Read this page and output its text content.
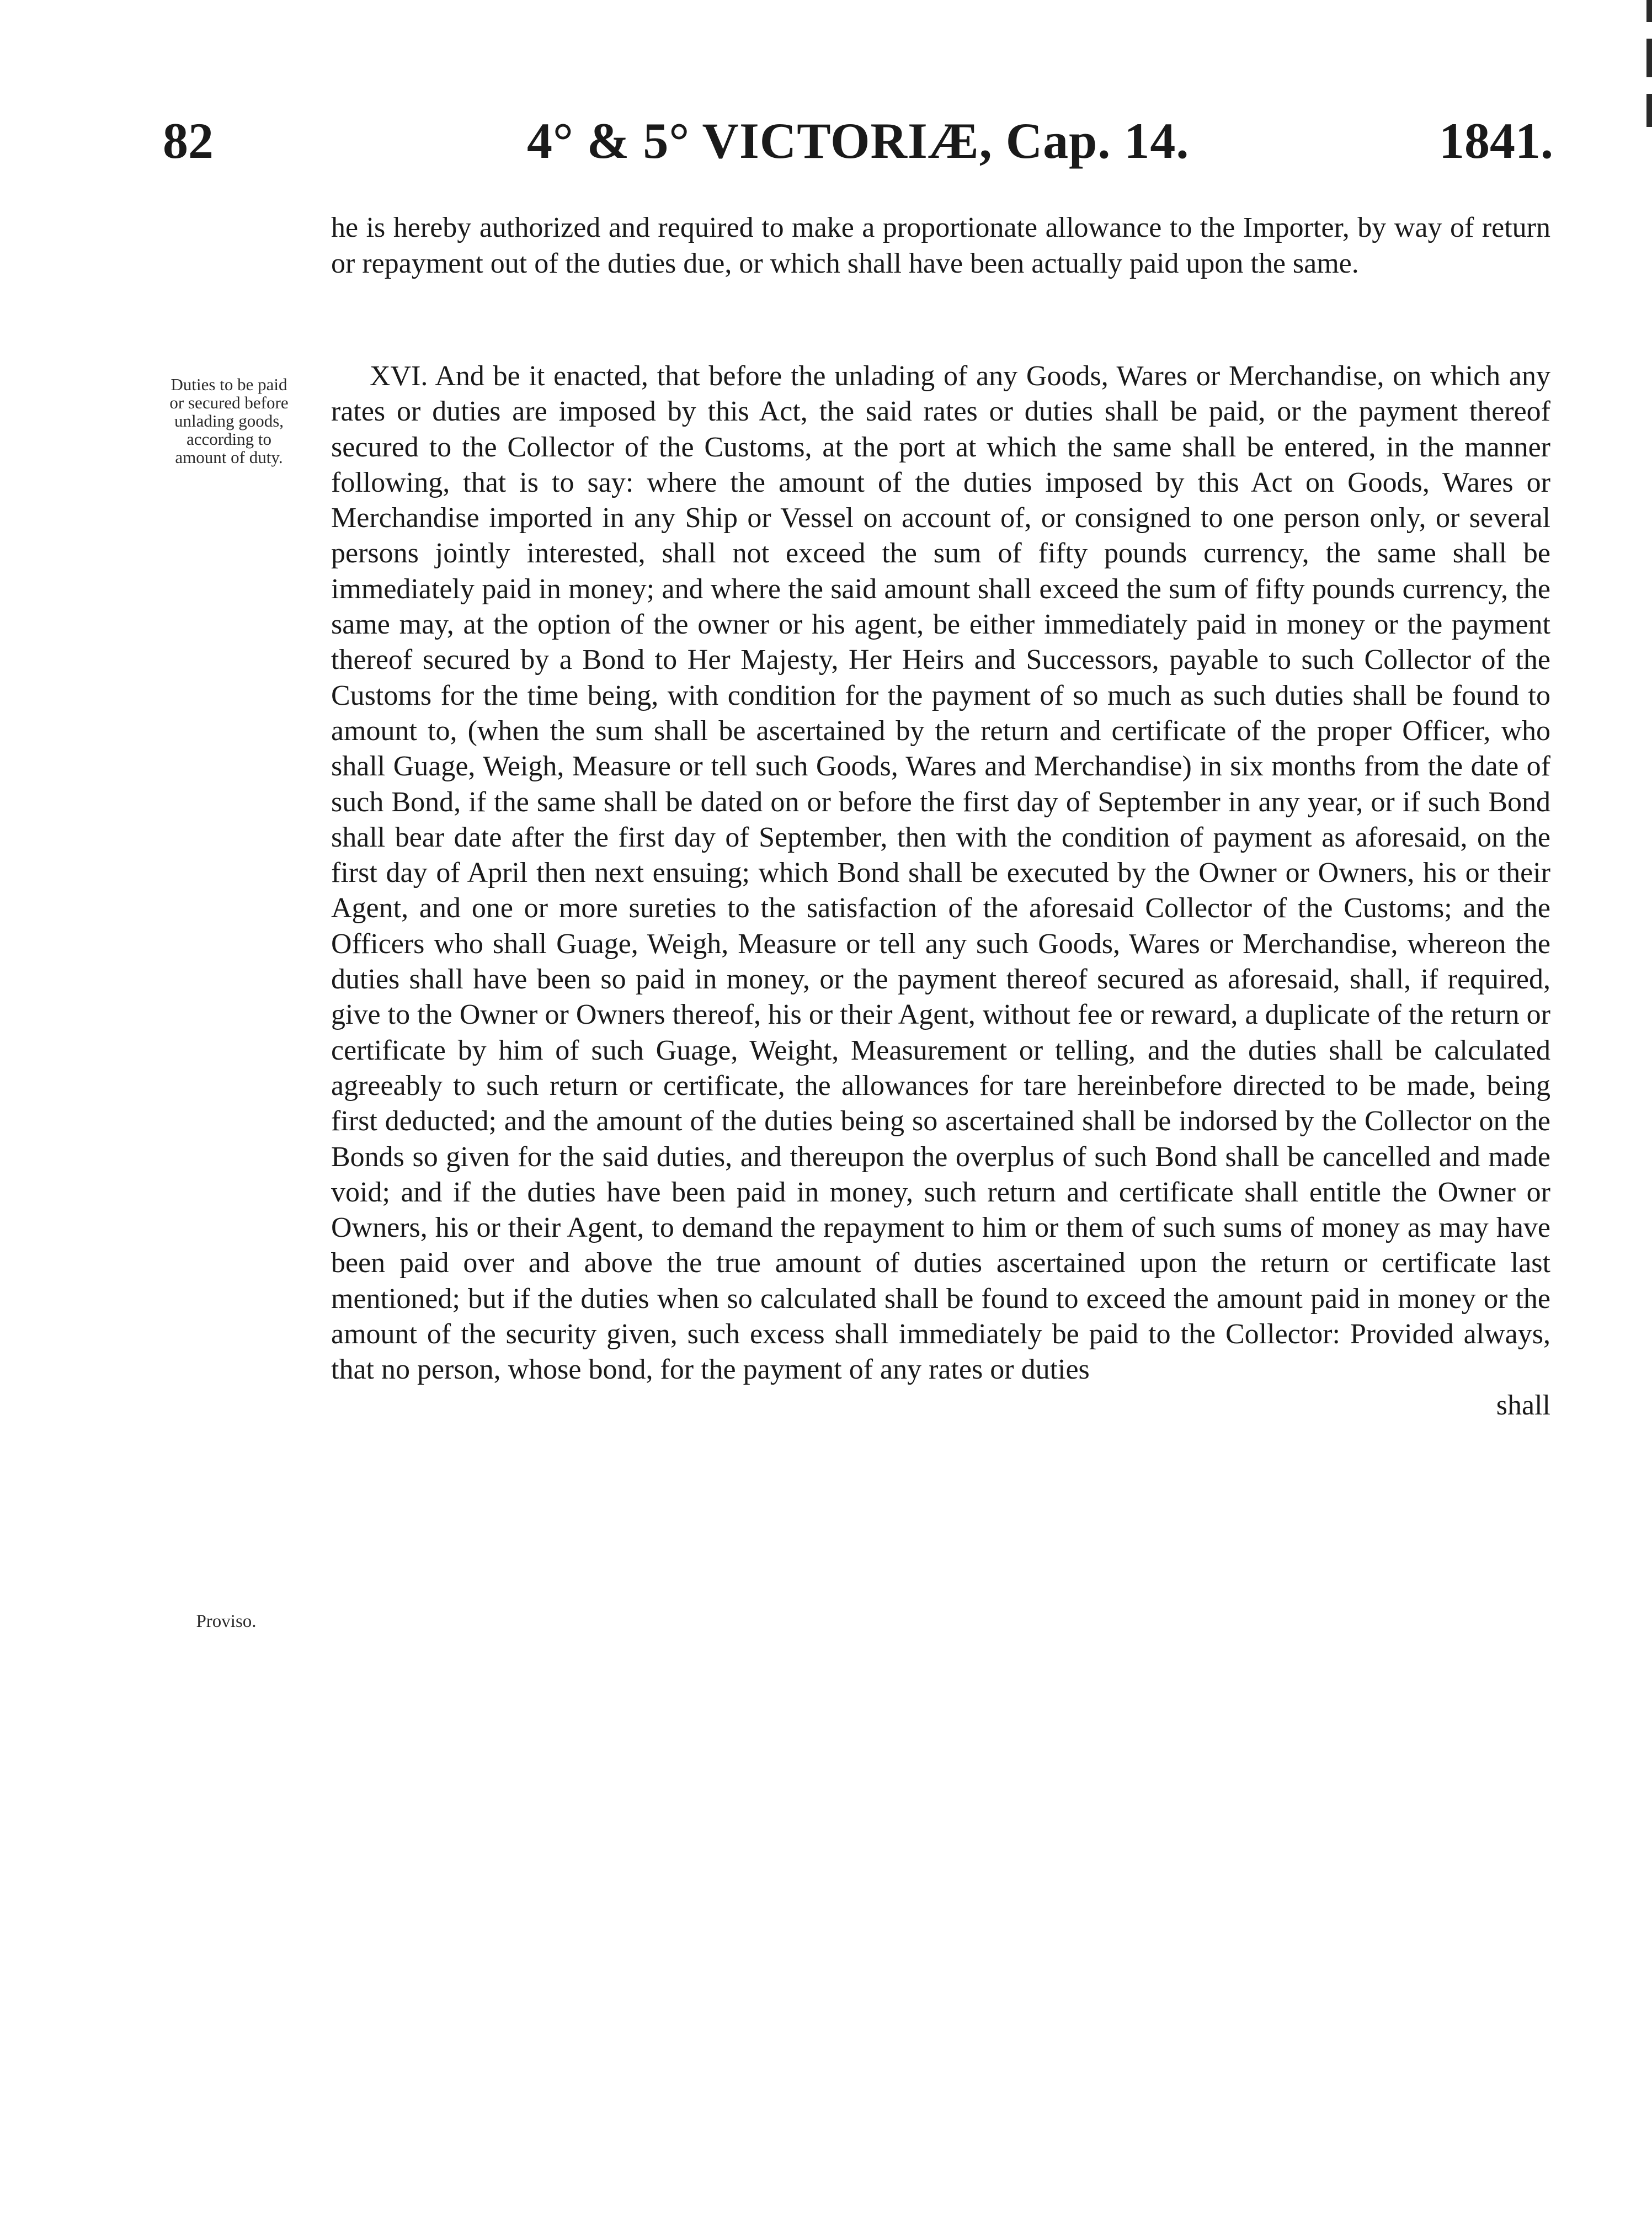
82	4° & 5° VICTORIÆ, Cap. 14.	1841.

he is hereby authorized and required to make a proportionate allowance to the Importer, by way of return or repayment out of the duties due, or which shall have been actually paid upon the same.

Duties to be paid or secured before unlading goods, according to amount of duty.
XVI. And be it enacted, that before the unlading of any Goods, Wares or Merchandise, on which any rates or duties are imposed by this Act, the said rates or duties shall be paid, or the payment thereof secured to the Collector of the Customs, at the port at which the same shall be entered, in the manner following, that is to say: where the amount of the duties imposed by this Act on Goods, Wares or Merchandise imported in any Ship or Vessel on account of, or consigned to one person only, or several persons jointly interested, shall not exceed the sum of fifty pounds currency, the same shall be immediately paid in money; and where the said amount shall exceed the sum of fifty pounds currency, the same may, at the option of the owner or his agent, be either immediately paid in money or the payment thereof secured by a Bond to Her Majesty, Her Heirs and Successors, payable to such Collector of the Customs for the time being, with condition for the payment of so much as such duties shall be found to amount to, (when the sum shall be ascertained by the return and certificate of the proper Officer, who shall Guage, Weigh, Measure or tell such Goods, Wares and Merchandise) in six months from the date of such Bond, if the same shall be dated on or before the first day of September in any year, or if such Bond shall bear date after the first day of September, then with the condition of payment as aforesaid, on the first day of April then next ensuing; which Bond shall be executed by the Owner or Owners, his or their Agent, and one or more sureties to the satisfaction of the aforesaid Collector of the Customs; and the Officers who shall Guage, Weigh, Measure or tell any such Goods, Wares or Merchandise, whereon the duties shall have been so paid in money, or the payment thereof secured as aforesaid, shall, if required, give to the Owner or Owners thereof, his or their Agent, without fee or reward, a duplicate of the return or certificate by him of such Guage, Weight, Measurement or telling, and the duties shall be calculated agreeably to such return or certificate, the allowances for tare hereinbefore directed to be made, being first deducted; and the amount of the duties being so ascertained shall be indorsed by the Collector on the Bonds so given for the said duties, and thereupon the overplus of such Bond shall be cancelled and made void; and if the duties have been paid in money, such return and certificate shall entitle the Owner or Owners, his or their Agent, to demand the repayment to him or them of such sums of money as may have been paid over and above the true amount of duties ascertained upon the return or certificate last mentioned; but if the duties when so calculated shall be found to exceed the amount paid in money or the amount of the security given, such excess shall immediately be paid to the Collector: Provided always, that no person, whose bond, for the payment of any rates or duties
shall
Proviso.
